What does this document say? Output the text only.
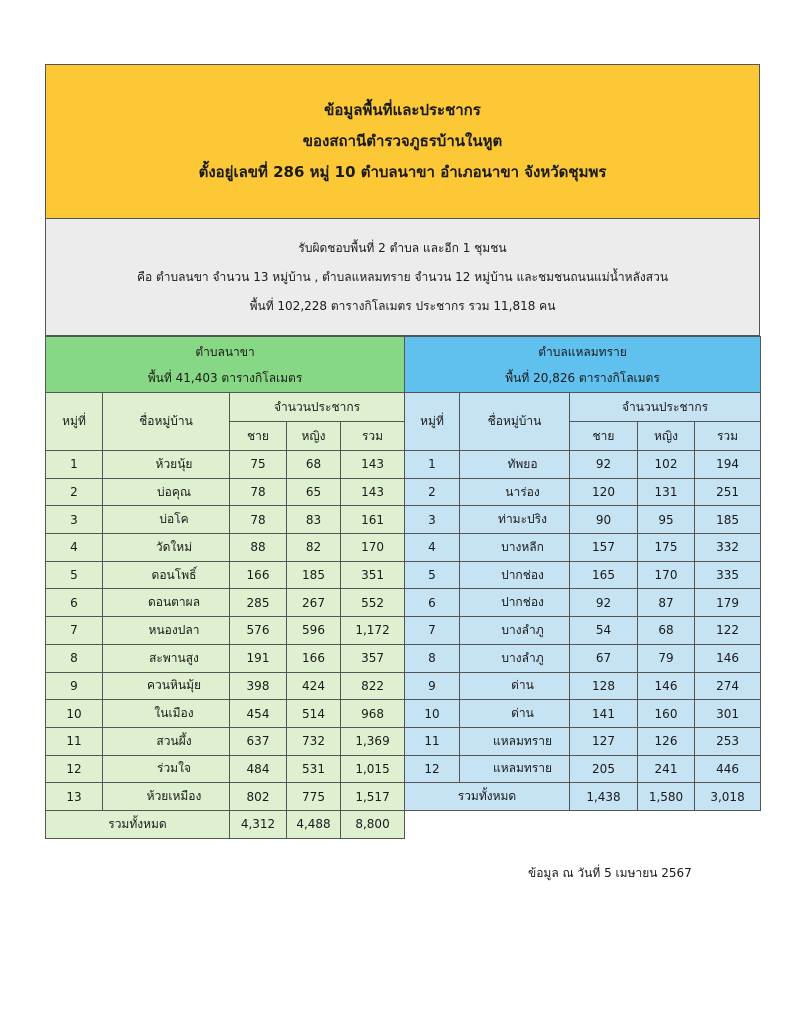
ข้อมูลพื้นที่และประชากร
ของสถานีตำรวจภูธรบ้านในหูต
ตั้งอยู่เลขที่ 286 หมู่ 10 ตำบลนาขา อำเภอนาขา จังหวัดชุมพร
รับผิดชอบพื้นที่ 2 ตำบล และอีก 1 ชุมชน
คือ ตำบลนขา จำนวน 13 หมู่บ้าน , ตำบลแหลมทราย จำนวน 12 หมู่บ้าน และชมชนถนนแม่น้ำหลังสวน
พื้นที่ 102,228 ตารางกิโลเมตร ประชากร รวม 11,818 คน
ตำบลนาขา
พื้นที่ 41,403 ตารางกิโลเมตร				

หมู่ที่	ชื่อหมู่บ้าน	จำนวนประชากร		
		ชาย	หญิง	รวม
1	ห้วยนุ้ย	75	68	143
2	บ่อคุณ	78	65	143
3	บ่อโค	78	83	161
4	วัดใหม่	88	82	170
5	ดอนโพธิ์	166	185	351
6	ดอนตาผล	285	267	552
7	หนองปลา	576	596	1,172
8	สะพานสูง	191	166	357
9	ควนหินมุ้ย	398	424	822
10	ในเมือง	454	514	968
11	สวนผึ้ง	637	732	1,369
12	ร่วมใจ	484	531	1,015
13	ห้วยเหมือง	802	775	1,517
รวมทั้งหมด		4,312	4,488	8,800
ตำบลแหลมทราย
พื้นที่ 20,826 ตารางกิโลเมตร				

หมู่ที่	ชื่อหมู่บ้าน	จำนวนประชากร		
		ชาย	หญิง	รวม
1	ทัพยอ	92	102	194
2	นาร่อง	120	131	251
3	ท่ามะปริง	90	95	185
4	บางหลีก	157	175	332
5	ปากช่อง	165	170	335
6	ปากช่อง	92	87	179
7	บางลำภู	54	68	122
8	บางลำภู	67	79	146
9	ด่าน	128	146	274
10	ด่าน	141	160	301
11	แหลมทราย	127	126	253
12	แหลมทราย	205	241	446
รวมทั้งหมด		1,438	1,580	3,018
ข้อมูล ณ วันที่ 5 เมษายน 2567
